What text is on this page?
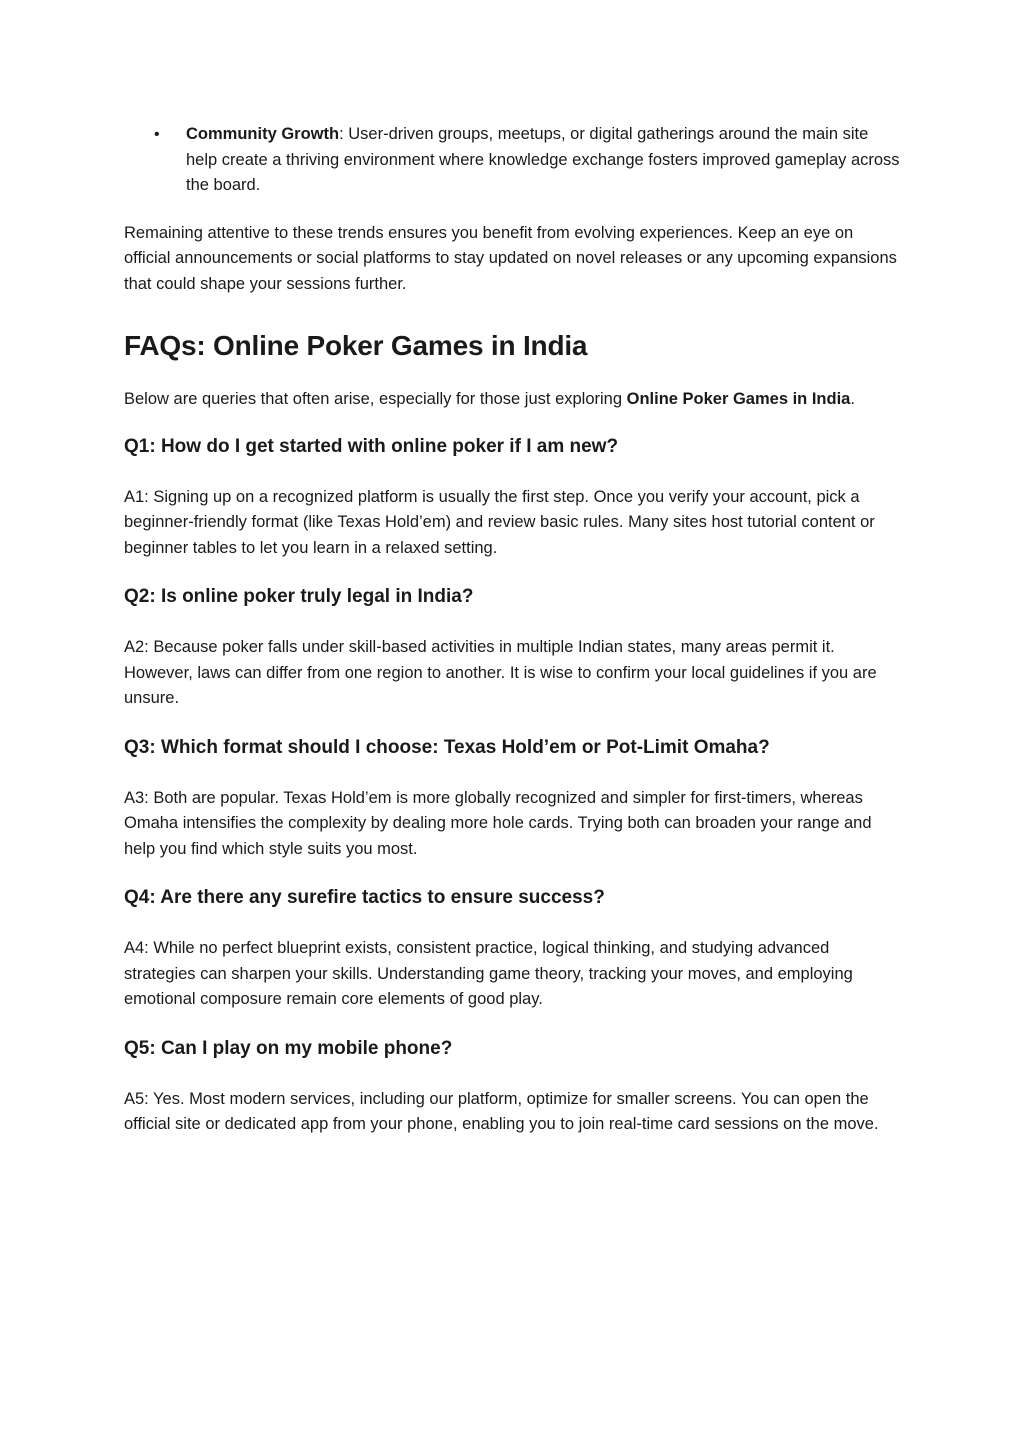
• Community Growth: User-driven groups, meetups, or digital gatherings around the main site help create a thriving environment where knowledge exchange fosters improved gameplay across the board.

Remaining attentive to these trends ensures you benefit from evolving experiences. Keep an eye on official announcements or social platforms to stay updated on novel releases or any upcoming expansions that could shape your sessions further.

FAQs: Online Poker Games in India

Below are queries that often arise, especially for those just exploring Online Poker Games in India.

Q1: How do I get started with online poker if I am new?

A1: Signing up on a recognized platform is usually the first step. Once you verify your account, pick a beginner-friendly format (like Texas Hold’em) and review basic rules. Many sites host tutorial content or beginner tables to let you learn in a relaxed setting.

Q2: Is online poker truly legal in India?

A2: Because poker falls under skill-based activities in multiple Indian states, many areas permit it. However, laws can differ from one region to another. It is wise to confirm your local guidelines if you are unsure.

Q3: Which format should I choose: Texas Hold’em or Pot-Limit Omaha?

A3: Both are popular. Texas Hold’em is more globally recognized and simpler for first-timers, whereas Omaha intensifies the complexity by dealing more hole cards. Trying both can broaden your range and help you find which style suits you most.

Q4: Are there any surefire tactics to ensure success?

A4: While no perfect blueprint exists, consistent practice, logical thinking, and studying advanced strategies can sharpen your skills. Understanding game theory, tracking your moves, and employing emotional composure remain core elements of good play.

Q5: Can I play on my mobile phone?

A5: Yes. Most modern services, including our platform, optimize for smaller screens. You can open the official site or dedicated app from your phone, enabling you to join real-time card sessions on the move.
